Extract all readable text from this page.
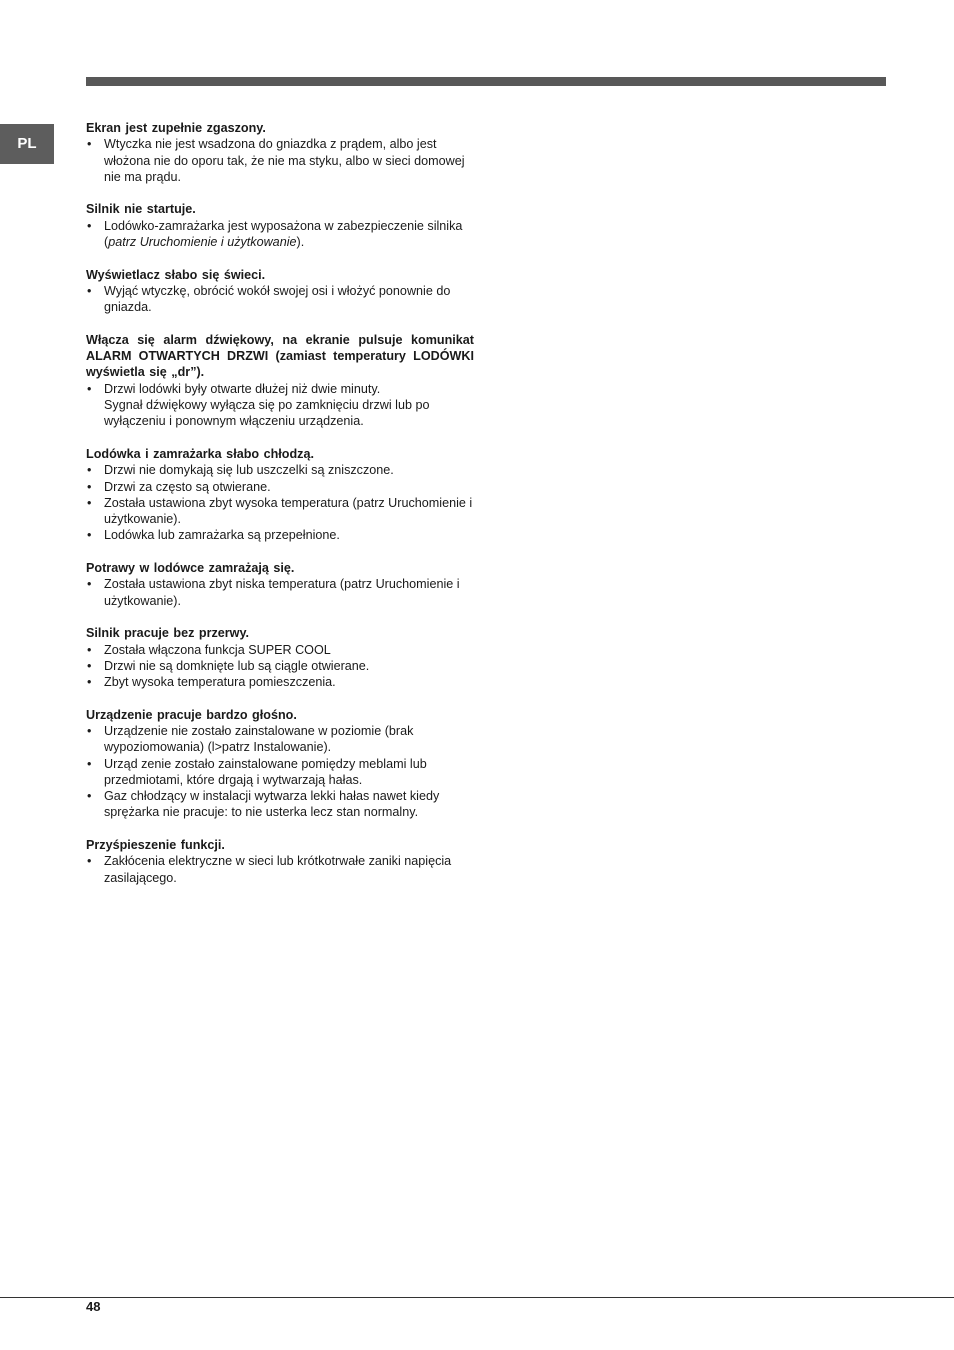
PL
Ekran jest zupełnie zgaszony.
• Wtyczka nie jest wsadzona do gniazdka z prądem, albo jest włożona nie do oporu tak, że nie ma styku, albo w sieci domowej nie ma prądu.
Silnik nie startuje.
• Lodówko-zamrażarka jest wyposażona w zabezpieczenie silnika (patrz Uruchomienie i użytkowanie).
Wyświetlacz słabo się świeci.
• Wyjąć wtyczkę, obrócić wokół swojej osi i włożyć ponownie do gniazda.
Włącza się alarm dźwiękowy, na ekranie pulsuje komunikat ALARM OTWARTYCH DRZWI (zamiast temperatury LODÓWKI wyświetla się „dr”).
• Drzwi lodówki były otwarte dłużej niż dwie minuty.
Sygnał dźwiękowy wyłącza się po zamknięciu drzwi lub po wyłączeniu i ponownym włączeniu urządzenia.
Lodówka i zamrażarka słabo chłodzą.
• Drzwi nie domykają się lub uszczelki są zniszczone.
• Drzwi za często są otwierane.
• Została ustawiona zbyt wysoka temperatura (patrz Uruchomienie i użytkowanie).
• Lodówka lub zamrażarka są przepełnione.
Potrawy w lodówce zamrażają się.
• Została ustawiona zbyt niska temperatura (patrz Uruchomienie i użytkowanie).
Silnik pracuje bez przerwy.
• Została włączona funkcja SUPER COOL
• Drzwi nie są domknięte lub są ciągle otwierane.
• Zbyt wysoka temperatura pomieszczenia.
Urządzenie pracuje bardzo głośno.
• Urządzenie nie zostało zainstalowane w poziomie (brak wypoziomowania) (l>patrz Instalowanie).
• Urząd zenie zostało zainstalowane pomiędzy meblami lub przedmiotami, które drgają i wytwarzają hałas.
• Gaz chłodzący w instalacji wytwarza lekki hałas nawet kiedy sprężarka nie pracuje: to nie usterka lecz stan normalny.
Przyśpieszenie funkcji.
• Zakłócenia elektryczne w sieci lub krótkotrwałe zaniki napięcia zasilającego.
48
